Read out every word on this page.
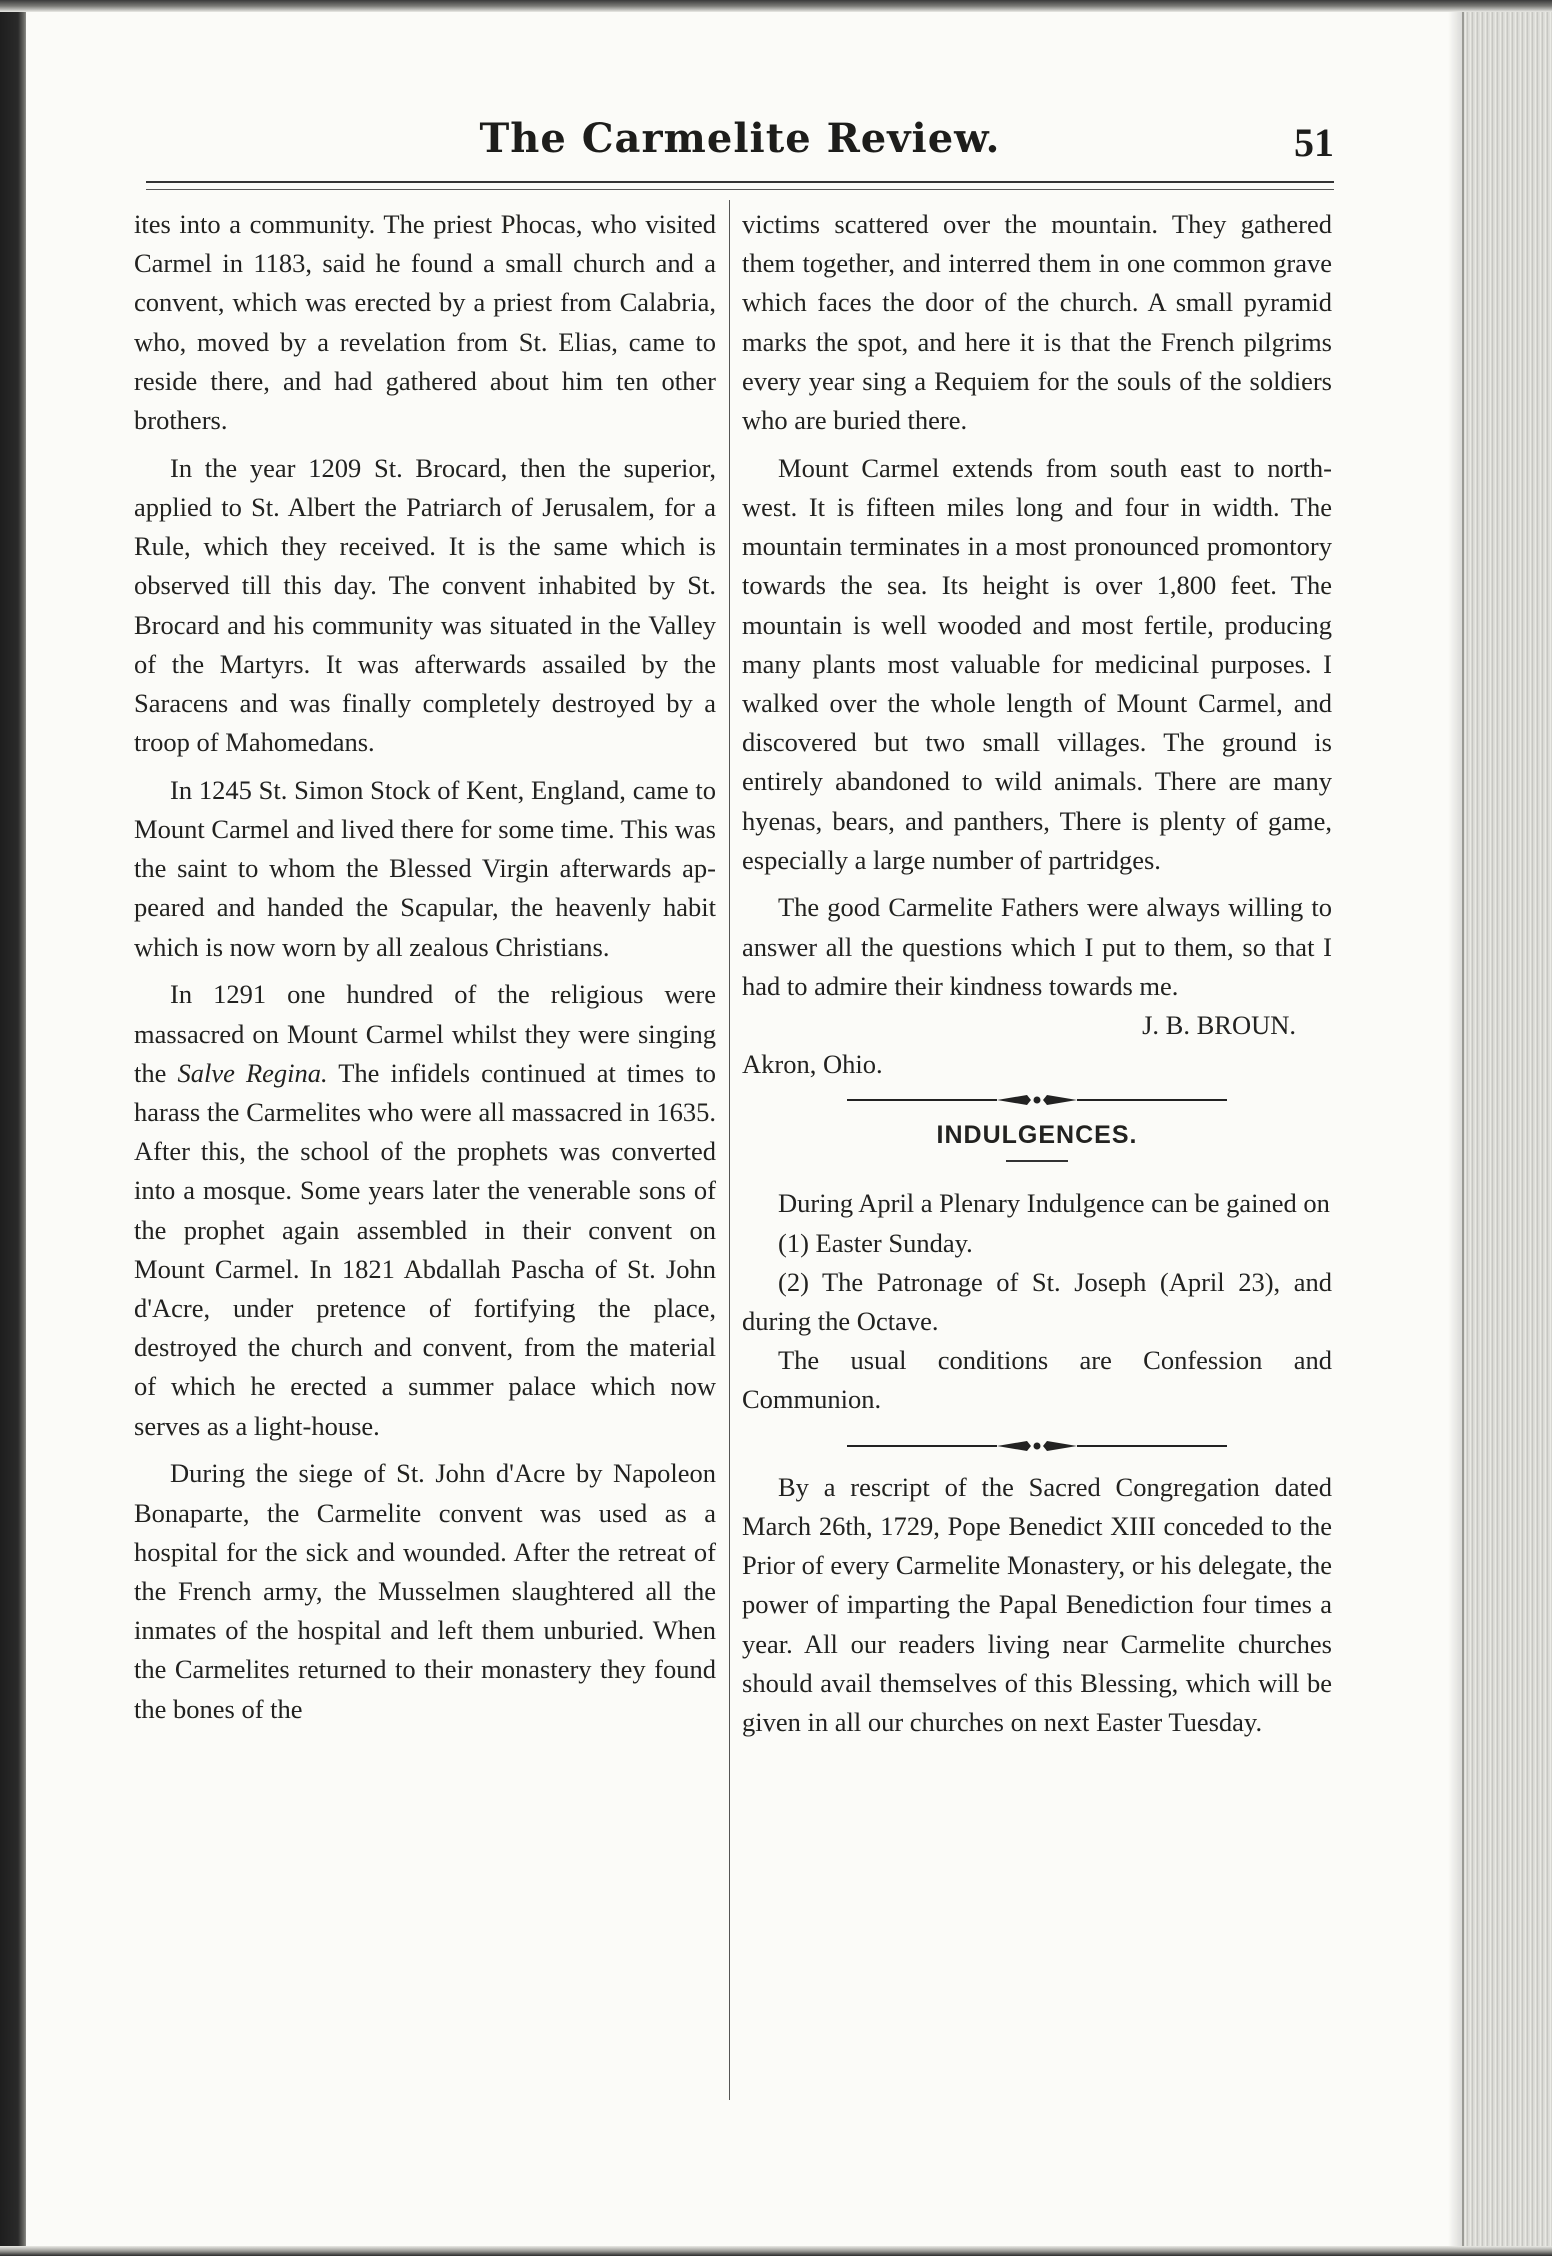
The Carmelite Review.	51

ites into a community. The priest Phocas, who visited Carmel in 1183, said he found a small church and a convent, which was erected by a priest from Calabria, who, moved by a revelation from St. Elias, came to reside there, and had gathered about him ten other brothers.

In the year 1209 St. Brocard, then the superior, applied to St. Albert the Patriarch of Jerusalem, for a Rule, which they received. It is the same which is observed till this day. The convent inhabited by St. Brocard and his community was situated in the Valley of the Martyrs. It was afterwards assailed by the Saracens and was finally completely destroyed by a troop of Mahomedans.

In 1245 St. Simon Stock of Kent, England, came to Mount Carmel and lived there for some time. This was the saint to whom the Blessed Virgin afterwards appeared and handed the Scapular, the heavenly habit which is now worn by all zealous Christians.

In 1291 one hundred of the religious were massacred on Mount Carmel whilst they were singing the Salve Regina. The infidels continued at times to harass the Carmelites who were all massacred in 1635. After this, the school of the prophets was converted into a mosque. Some years later the venerable sons of the prophet again assembled in their convent on Mount Carmel. In 1821 Abdallah Pascha of St. John d'Acre, under pretence of fortifying the place, destroyed the church and convent, from the material of which he erected a summer palace which now serves as a light-house.

During the siege of St. John d'Acre by Napoleon Bonaparte, the Carmelite convent was used as a hospital for the sick and wounded. After the retreat of the French army, the Musselmen slaughtered all the inmates of the hospital and left them unburied. When the Carmelites returned to their monastery they found the bones of the

victims scattered over the mountain. They gathered them together, and interred them in one common grave which faces the door of the church. A small pyramid marks the spot, and here it is that the French pilgrims every year sing a Requiem for the souls of the soldiers who are buried there.

Mount Carmel extends from south east to north-west. It is fifteen miles long and four in width. The mountain terminates in a most pronounced promontory towards the sea. Its height is over 1,800 feet. The mountain is well wooded and most fertile, producing many plants most valuable for medicinal purposes. I walked over the whole length of Mount Carmel, and discovered but two small villages. The ground is entirely abandoned to wild animals. There are many hyenas, bears, and panthers, There is plenty of game, especially a large number of partridges.

The good Carmelite Fathers were always willing to answer all the questions which I put to them, so that I had to admire their kindness towards me.

J. B. BROUN.

Akron, Ohio.

INDULGENCES.

During April a Plenary Indulgence can be gained on

(1) Easter Sunday.

(2) The Patronage of St. Joseph (April 23), and during the Octave.

The usual conditions are Confession and Communion.

By a rescript of the Sacred Congregation dated March 26th, 1729, Pope Benedict XIII conceded to the Prior of every Carmelite Monastery, or his delegate, the power of imparting the Papal Benediction four times a year. All our readers living near Carmelite churches should avail themselves of this Blessing, which will be given in all our churches on next Easter Tuesday.
